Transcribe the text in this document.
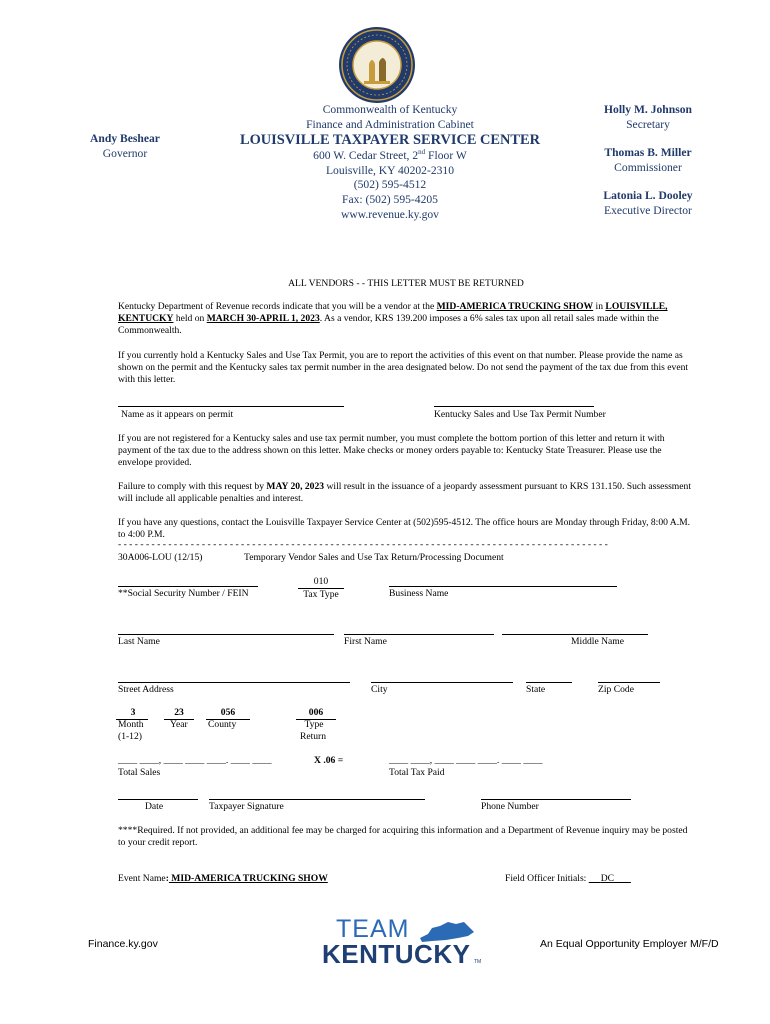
Andy Beshear
Governor
Commonwealth of Kentucky
Finance and Administration Cabinet
LOUISVILLE TAXPAYER SERVICE CENTER
600 W. Cedar Street, 2nd Floor W
Louisville, KY 40202-2310
(502) 595-4512
Fax: (502) 595-4205
www.revenue.ky.gov
Holly M. Johnson
Secretary
Thomas B. Miller
Commissioner
Latonia L. Dooley
Executive Director
ALL VENDORS - - THIS LETTER MUST BE RETURNED

Kentucky Department of Revenue records indicate that you will be a vendor at the MID-AMERICA TRUCKING SHOW in LOUISVILLE, KENTUCKY held on MARCH 30-APRIL 1, 2023. As a vendor, KRS 139.200 imposes a 6% sales tax upon all retail sales made within the Commonwealth.

If you currently hold a Kentucky Sales and Use Tax Permit, you are to report the activities of this event on that number. Please provide the name as shown on the permit and the Kentucky sales tax permit number in the area designated below. Do not send the payment of the tax due from this event with this letter.

Name as it appears on permit	Kentucky Sales and Use Tax Permit Number

If you are not registered for a Kentucky sales and use tax permit number, you must complete the bottom portion of this letter and return it with payment of the tax due to the address shown on this letter. Make checks or money orders payable to: Kentucky State Treasurer. Please use the envelope provided.

Failure to comply with this request by MAY 20, 2023 will result in the issuance of a jeopardy assessment pursuant to KRS 131.150. Such assessment will include all applicable penalties and interest.

If you have any questions, contact the Louisville Taxpayer Service Center at (502)595-4512. The office hours are Monday through Friday, 8:00 A.M. to 4:00 P.M.

- - - - - - - - - - - - - - - - - - - - - - - - - - - - - - - - - - - - - - - - - - - - - - - - - - - - - - - - - - - - - - - - - - - - - - - - - - - - - - - - - - - - - - - -
30A006-LOU (12/15)	Temporary Vendor Sales and Use Tax Return/Processing Document
**Social Security Number / FEIN
010
Tax Type	Business Name
Last Name	First Name	Middle Name
Street Address	City	State	Zip Code
3
Month
(1-12)
23
Year
056
County
006
Type
Return
____ ____, ____ ____ ____. ____ ____	X .06 =
Total Sales
____ ____, ____ ____ ____. ____ ____
Total Tax Paid
Date	Taxpayer Signature	Phone Number

****Required. If not provided, an additional fee may be charged for acquiring this information and a Department of Revenue inquiry may be posted to your credit report.

Event Name: MID-AMERICA TRUCKING SHOW	Field Officer Initials:      DC
Finance.ky.gov
TEAM
KENTUCKY TM
An Equal Opportunity Employer M/F/D
